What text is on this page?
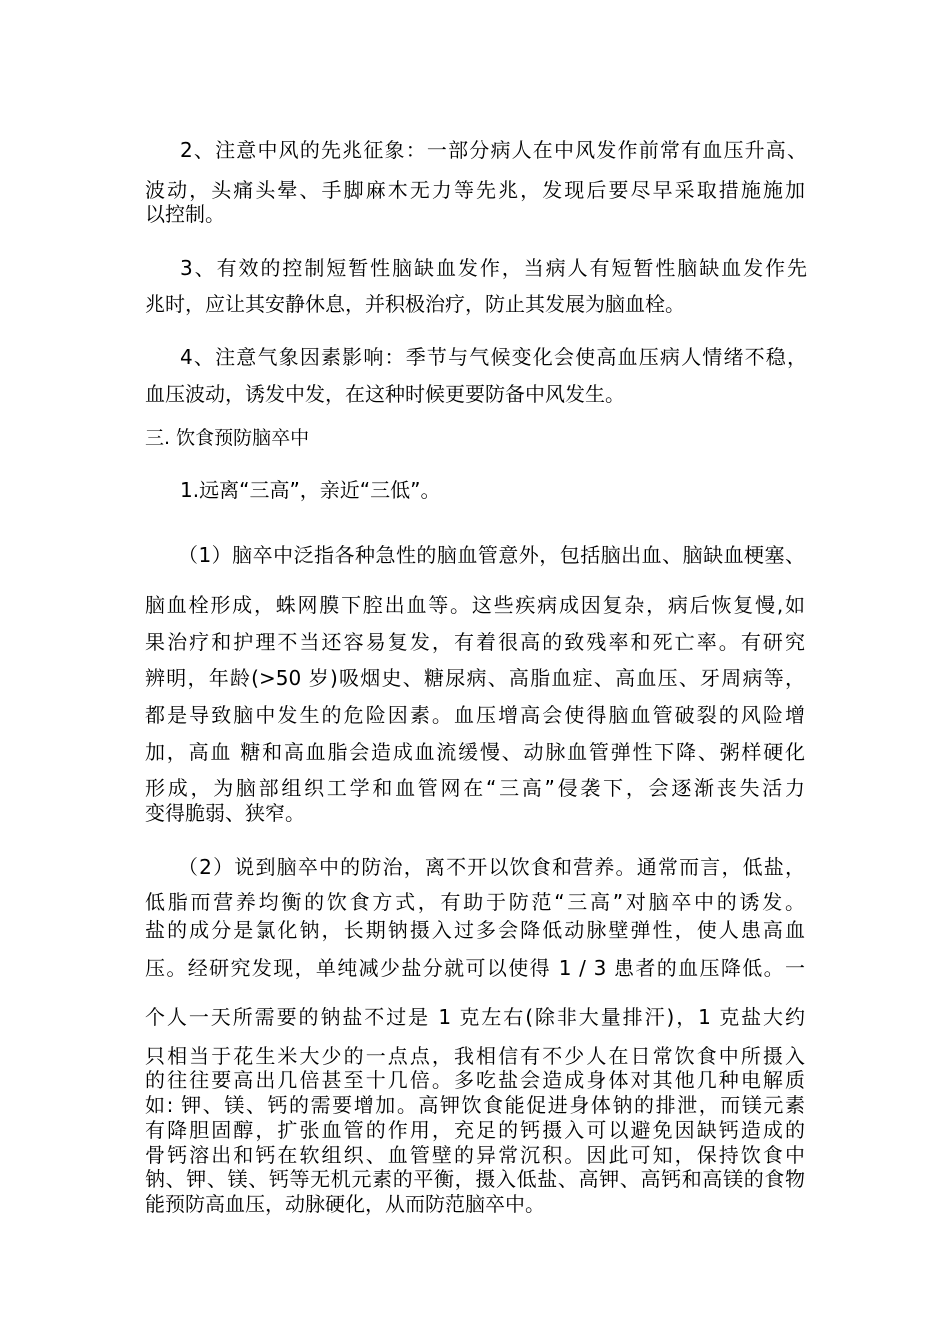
2、注意中风的先兆征象：一部分病人在中风发作前常有血压升高、
波动，头痛头晕、手脚麻木无力等先兆，发现后要尽早采取措施施加
以控制。
3、有效的控制短暂性脑缺血发作，当病人有短暂性脑缺血发作先
兆时，应让其安静休息，并积极治疗，防止其发展为脑血栓。
4、注意气象因素影响：季节与气候变化会使高血压病人情绪不稳，
血压波动，诱发中发，在这种时候更要防备中风发生。
三. 饮食预防脑卒中
1.远离“三高”，亲近“三低”。
（1）脑卒中泛指各种急性的脑血管意外，包括脑出血、脑缺血梗塞、
脑血栓形成，蛛网膜下腔出血等。这些疾病成因复杂，病后恢复慢,如
果治疗和护理不当还容易复发，有着很高的致残率和死亡率。有研究
辨明，年龄(>50 岁)吸烟史、糖尿病、高脂血症、高血压、牙周病等，
都是导致脑中发生的危险因素。血压增高会使得脑血管破裂的风险增
加，高血 糖和高血脂会造成血流缓慢、动脉血管弹性下降、粥样硬化
形成，为脑部组织工学和血管网在“三高”侵袭下，会逐渐丧失活力
变得脆弱、狭窄。
（2）说到脑卒中的防治，离不开以饮食和营养。通常而言，低盐，
低脂而营养均衡的饮食方式，有助于防范“三高”对脑卒中的诱发。
盐的成分是氯化钠，长期钠摄入过多会降低动脉壁弹性，使人患高血
压。经研究发现，单纯减少盐分就可以使得 1 / 3 患者的血压降低。一
个人一天所需要的钠盐不过是 1 克左右(除非大量排汗)，1 克盐大约
只相当于花生米大少的一点点，我相信有不少人在日常饮食中所摄入
的往往要高出几倍甚至十几倍。多吃盐会造成身体对其他几种电解质
如: 钾、镁、钙的需要增加。高钾饮食能促进身体钠的排泄，而镁元素
有降胆固醇，扩张血管的作用，充足的钙摄入可以避免因缺钙造成的
骨钙溶出和钙在软组织、血管壁的异常沉积。因此可知，保持饮食中
钠、钾、镁、钙等无机元素的平衡，摄入低盐、高钾、高钙和高镁的食物
能预防高血压，动脉硬化，从而防范脑卒中。
